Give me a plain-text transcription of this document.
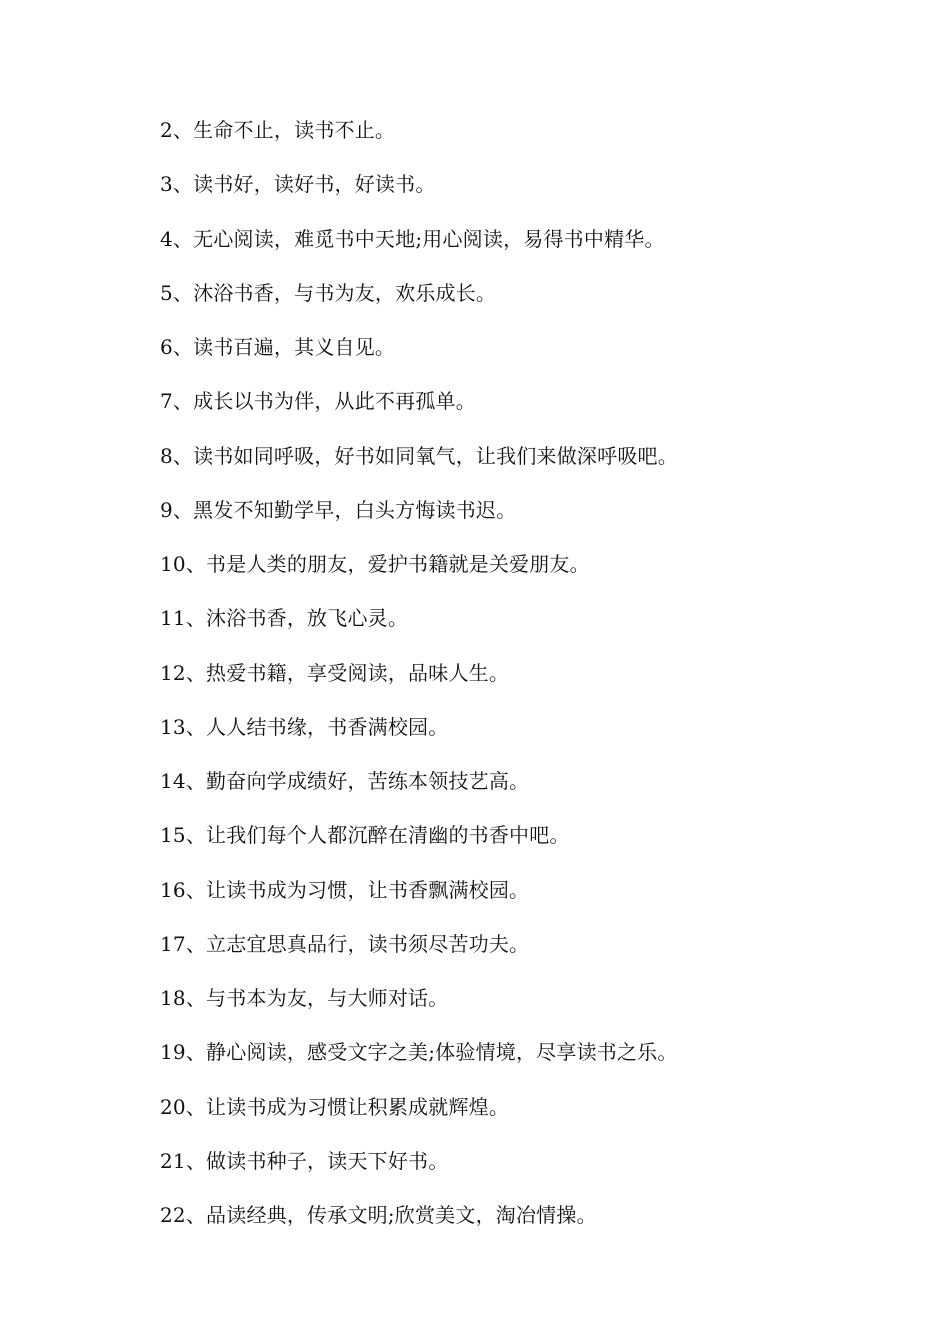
2、生命不止，读书不止。
3、读书好，读好书，好读书。
4、无心阅读，难觅书中天地;用心阅读，易得书中精华。
5、沐浴书香，与书为友，欢乐成长。
6、读书百遍，其义自见。
7、成长以书为伴，从此不再孤单。
8、读书如同呼吸，好书如同氧气，让我们来做深呼吸吧。
9、黑发不知勤学早，白头方悔读书迟。
10、书是人类的朋友，爱护书籍就是关爱朋友。
11、沐浴书香，放飞心灵。
12、热爱书籍，享受阅读，品味人生。
13、人人结书缘，书香满校园。
14、勤奋向学成绩好，苦练本领技艺高。
15、让我们每个人都沉醉在清幽的书香中吧。
16、让读书成为习惯，让书香飘满校园。
17、立志宜思真品行，读书须尽苦功夫。
18、与书本为友，与大师对话。
19、静心阅读，感受文字之美;体验情境，尽享读书之乐。
20、让读书成为习惯让积累成就辉煌。
21、做读书种子，读天下好书。
22、品读经典，传承文明;欣赏美文，淘冶情操。
